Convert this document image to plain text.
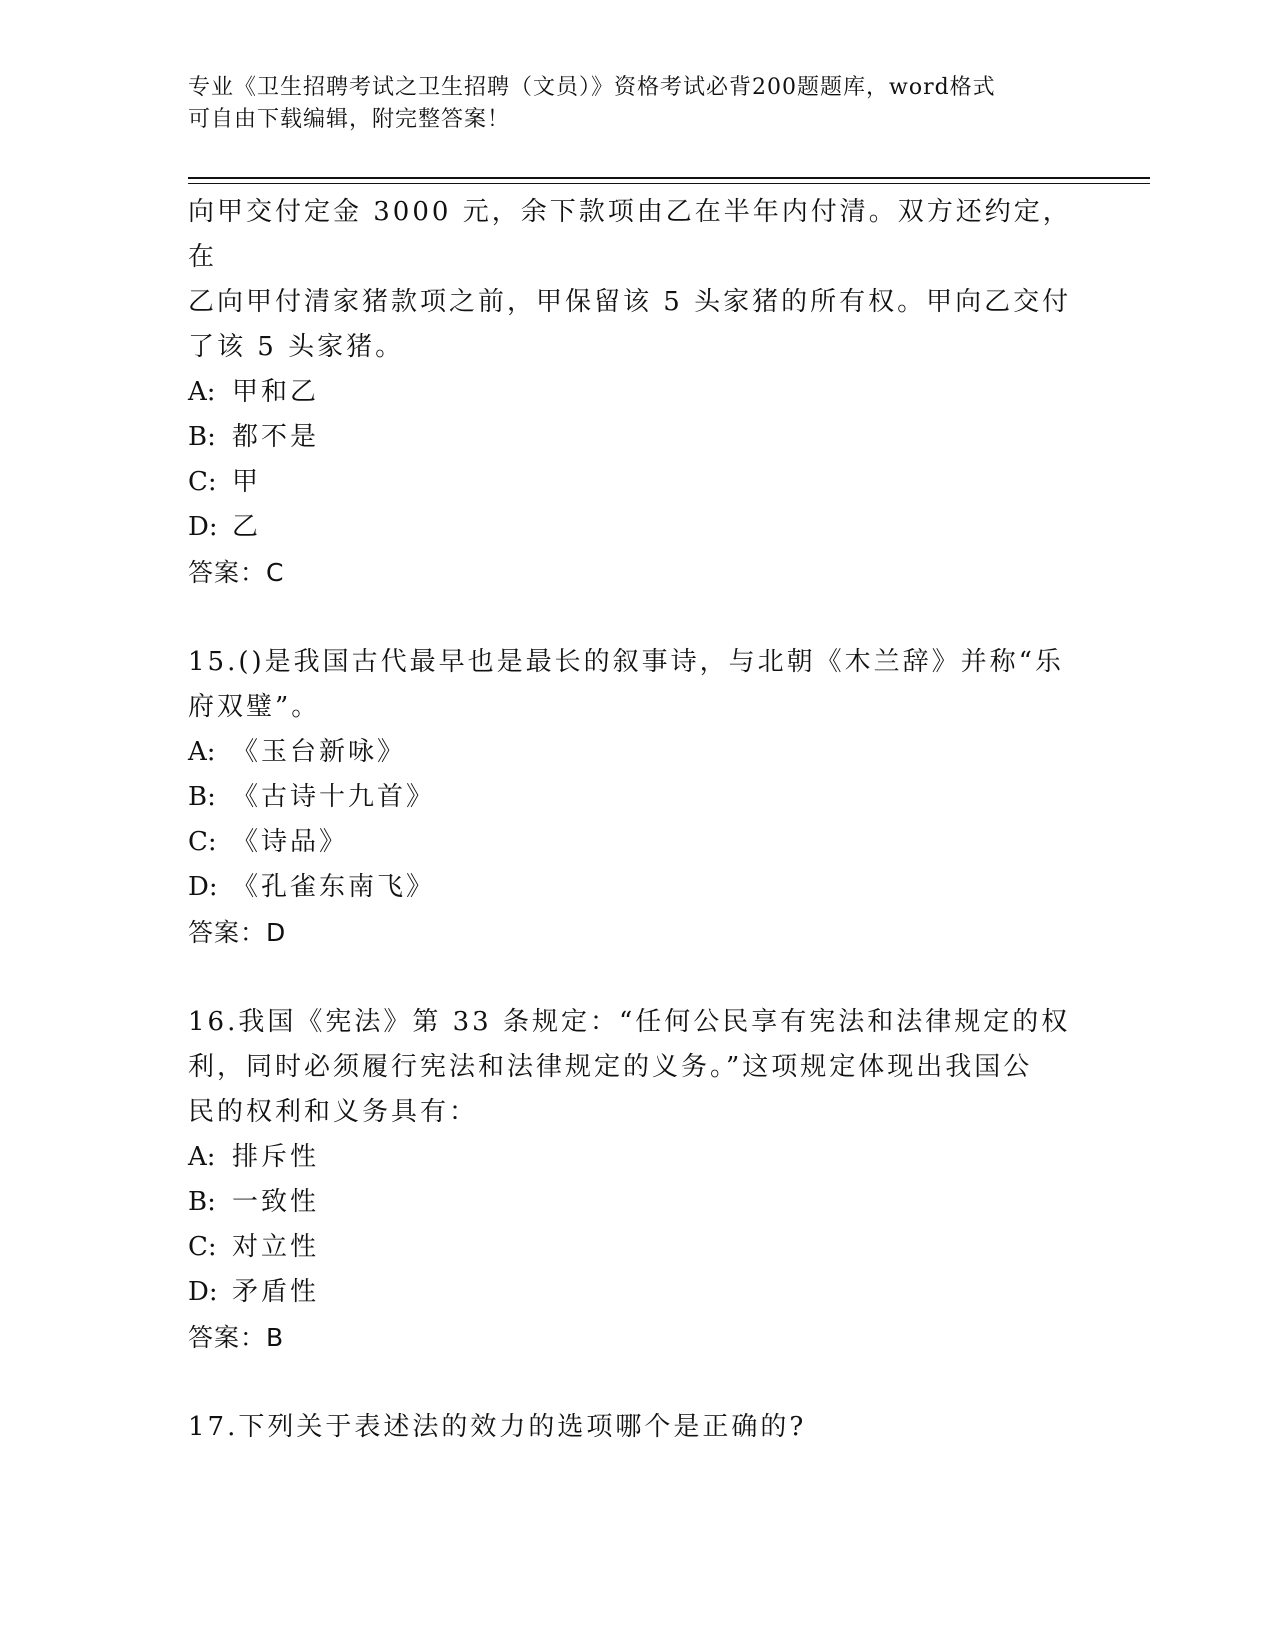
专业《卫生招聘考试之卫生招聘（文员）》资格考试必背200题题库，word格式
可自由下载编辑，附完整答案！

向甲交付定金 3000 元，余下款项由乙在半年内付清。双方还约定，在

乙向甲付清家猪款项之前，甲保留该 5 头家猪的所有权。甲向乙交付

了该 5 头家猪。

A: 甲和乙
B: 都不是
C: 甲
D: 乙

答案：C

15.()是我国古代最早也是最长的叙事诗，与北朝《木兰辞》并称“乐

府双璧”。

A: 《玉台新咏》
B: 《古诗十九首》
C: 《诗品》
D: 《孔雀东南飞》

答案：D

16.我国《宪法》第 33 条规定：“任何公民享有宪法和法律规定的权

利，同时必须履行宪法和法律规定的义务。”这项规定体现出我国公

民的权利和义务具有：

A: 排斥性
B: 一致性
C: 对立性
D: 矛盾性

答案：B

17.下列关于表述法的效力的选项哪个是正确的?
